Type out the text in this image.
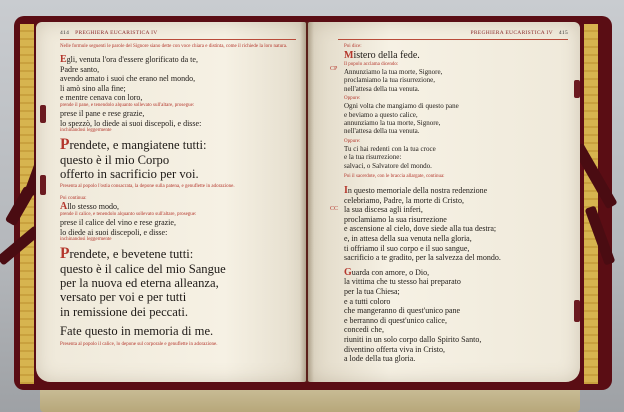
414 PREGHIERA EUCARISTICA IV
Nelle formule seguenti le parole del Signore siano dette con voce chiara e distinta, come il richiede la loro natura.
Egli, venuta l'ora d'essere glorificato da te,
Padre santo,
avendo amato i suoi che erano nel mondo,
li amò sino alla fine;
e mentre cenava con loro,
prende il pane, e tenendolo alquanto sollevato sull'altare, prosegue:
prese il pane e rese grazie,
lo spezzò, lo diede ai suoi discepoli, e disse:
inchinandosi leggermente
Prendete, e mangiatene tutti:
questo è il mio Corpo
offerto in sacrificio per voi.
Presenta al popolo l'ostia consacrata, la depone sulla patena, e genuflette in adorazione.
Poi continua:
Allo stesso modo,
prende il calice, e tenendolo alquanto sollevato sull'altare, prosegue:
prese il calice del vino e rese grazie,
lo diede ai suoi discepoli, e disse:
inchinandosi leggermente
Prendete, e bevetene tutti:
questo è il calice del mio Sangue
per la nuova ed eterna alleanza,
versato per voi e per tutti
in remissione dei peccati.
Fate questo in memoria di me.
Presenta al popolo il calice, lo depone sul corporale e genuflette in adorazione.
PREGHIERA EUCARISTICA IV 415
CP
CC
Poi dice:
Mistero della fede.
Il popolo acclama dicendo:
Annunziamo la tua morte, Signore,
proclamiamo la tua risurrezione,
nell'attesa della tua venuta.
Oppure:
Ogni volta che mangiamo di questo pane
e beviamo a questo calice,
annunziamo la tua morte, Signore,
nell'attesa della tua venuta.
Oppure:
Tu ci hai redenti con la tua croce
e la tua risurrezione:
salvaci, o Salvatore del mondo.
Poi il sacerdote, con le braccia allargate, continua:
In questo memoriale della nostra redenzione
celebriamo, Padre, la morte di Cristo,
la sua discesa agli inferi,
proclamiamo la sua risurrezione
e ascensione al cielo, dove siede alla tua destra;
e, in attesa della sua venuta nella gloria,
ti offriamo il suo corpo e il suo sangue,
sacrificio a te gradito, per la salvezza del mondo.
Guarda con amore, o Dio,
la vittima che tu stesso hai preparato
per la tua Chiesa;
e a tutti coloro
che mangeranno di quest'unico pane
e berranno di quest'unico calice,
concedi che,
riuniti in un solo corpo dallo Spirito Santo,
diventino offerta viva in Cristo,
a lode della tua gloria.
